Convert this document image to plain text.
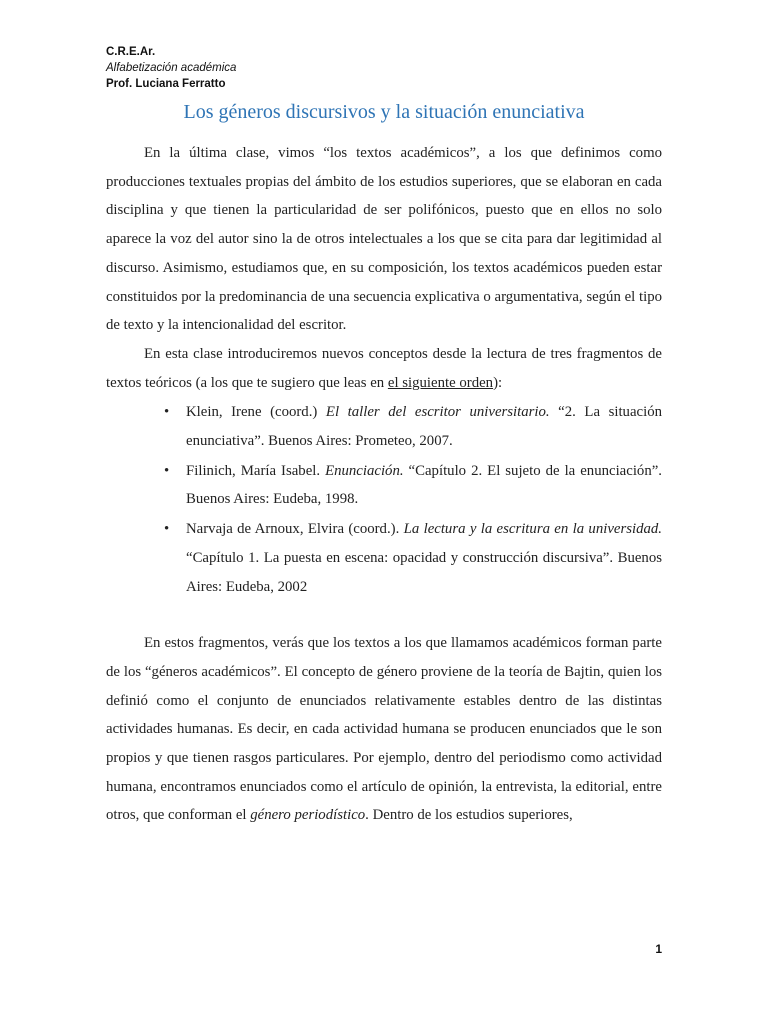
C.R.E.Ar.
Alfabetización académica
Prof. Luciana Ferratto
Los géneros discursivos y la situación enunciativa

En la última clase, vimos “los textos académicos”, a los que definimos como producciones textuales propias del ámbito de los estudios superiores, que se elaboran en cada disciplina y que tienen la particularidad de ser polifónicos, puesto que en ellos no solo aparece la voz del autor sino la de otros intelectuales a los que se cita para dar legitimidad al discurso. Asimismo, estudiamos que, en su composición, los textos académicos pueden estar constituidos por la predominancia de una secuencia explicativa o argumentativa, según el tipo de texto y la intencionalidad del escritor.

En esta clase introduciremos nuevos conceptos desde la lectura de tres fragmentos de textos teóricos (a los que te sugiero que leas en el siguiente orden):

• Klein, Irene (coord.) El taller del escritor universitario. “2. La situación enunciativa”. Buenos Aires: Prometeo, 2007.
• Filinich, María Isabel. Enunciación. “Capítulo 2. El sujeto de la enunciación”. Buenos Aires: Eudeba, 1998.
• Narvaja de Arnoux, Elvira (coord.). La lectura y la escritura en la universidad. “Capítulo 1. La puesta en escena: opacidad y construcción discursiva”. Buenos Aires: Eudeba, 2002

En estos fragmentos, verás que los textos a los que llamamos académicos forman parte de los “géneros académicos”. El concepto de género proviene de la teoría de Bajtin, quien los definió como el conjunto de enunciados relativamente estables dentro de las distintas actividades humanas. Es decir, en cada actividad humana se producen enunciados que le son propios y que tienen rasgos particulares. Por ejemplo, dentro del periodismo como actividad humana, encontramos enunciados como el artículo de opinión, la entrevista, la editorial, entre otros, que conforman el género periodístico. Dentro de los estudios superiores,

1
